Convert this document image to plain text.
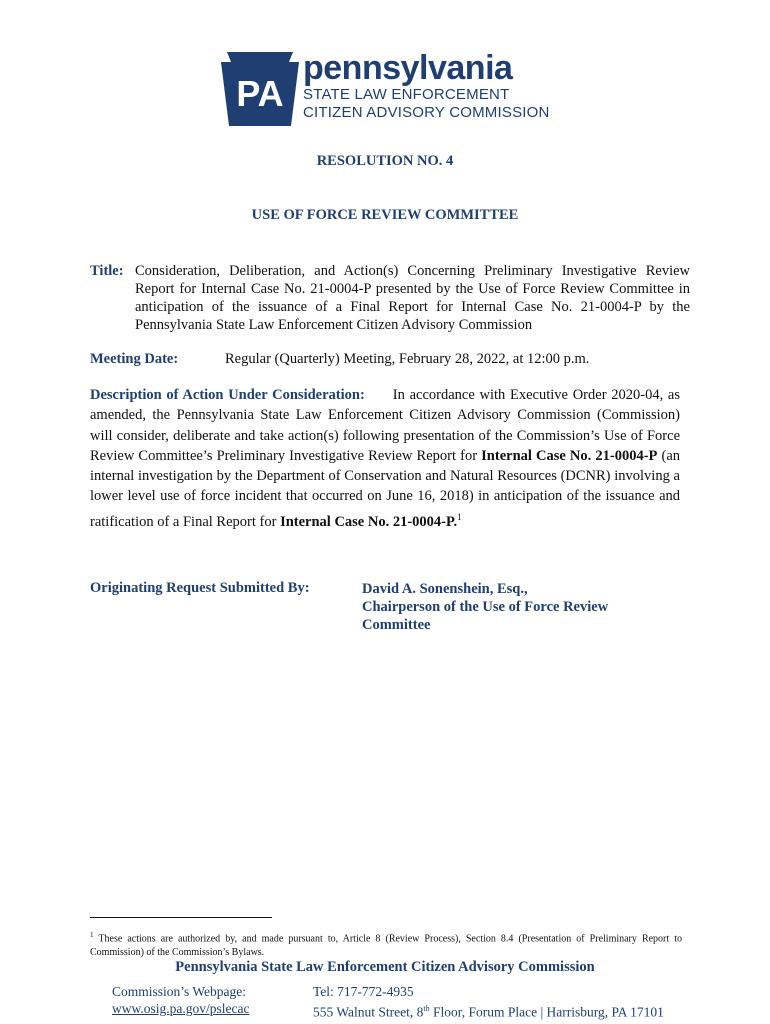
PA
pennsylvania
STATE LAW ENFORCEMENT
CITIZEN ADVISORY COMMISSION
RESOLUTION NO. 4
USE OF FORCE REVIEW COMMITTEE
Title: Consideration, Deliberation, and Action(s) Concerning Preliminary Investigative Review Report for Internal Case No. 21-0004-P presented by the Use of Force Review Committee in anticipation of the issuance of a Final Report for Internal Case No. 21-0004-P by the Pennsylvania State Law Enforcement Citizen Advisory Commission
Meeting Date:	Regular (Quarterly) Meeting, February 28, 2022, at 12:00 p.m.
Description of Action Under Consideration: In accordance with Executive Order 2020-04, as amended, the Pennsylvania State Law Enforcement Citizen Advisory Commission (Commission) will consider, deliberate and take action(s) following presentation of the Commission’s Use of Force Review Committee’s Preliminary Investigative Review Report for Internal Case No. 21-0004-P (an internal investigation by the Department of Conservation and Natural Resources (DCNR) involving a lower level use of force incident that occurred on June 16, 2018) in anticipation of the issuance and ratification of a Final Report for Internal Case No. 21-0004-P.$^1$
Originating Request Submitted By:	David A. Sonenshein, Esq.,
Chairperson of the Use of Force Review
Committee
$^1$ These actions are authorized by, and made pursuant to, Article 8 (Review Process), Section 8.4 (Presentation of Preliminary Report to Commission) of the Commission’s Bylaws.
Pennsylvania State Law Enforcement Citizen Advisory Commission
Commission’s Webpage:
www.osig.pa.gov/pslecac
Tel: 717-772-4935
555 Walnut Street, 8th Floor, Forum Place | Harrisburg, PA 17101
